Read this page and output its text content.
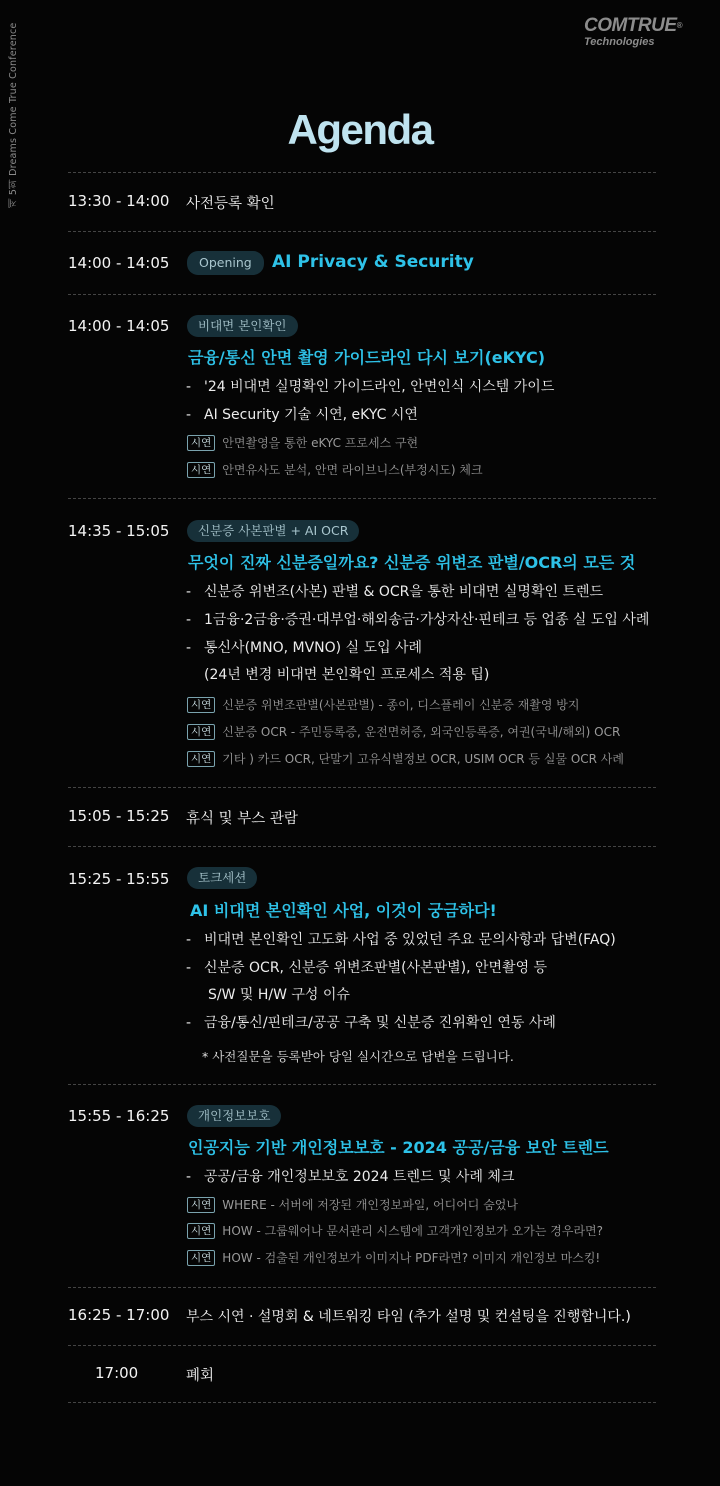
제 5회 Dreams Come True Conference	COMTRUE®
Technologies
Agenda
13:30 - 14:00 사전등록 확인
14:00 - 14:05	Opening	AI Privacy & Security
14:00 - 14:05	비대면 본인확인
금융/통신 안면 촬영 가이드라인 다시 보기(eKYC)
- '24 비대면 실명확인 가이드라인, 안면인식 시스템 가이드
- AI Security 기술 시연, eKYC 시연
시연 안면촬영을 통한 eKYC 프로세스 구현
시연 안면유사도 분석, 안면 라이브니스(부정시도) 체크
14:35 - 15:05	신분증 사본판별 + AI OCR
무엇이 진짜 신분증일까요? 신분증 위변조 판별/OCR의 모든 것
- 신분증 위변조(사본) 판별 & OCR을 통한 비대면 실명확인 트렌드
- 1금융·2금융·증권·대부업·해외송금·가상자산·핀테크 등 업종 실 도입 사례
- 통신사(MNO, MVNO) 실 도입 사례
(24년 변경 비대면 본인확인 프로세스 적용 팁)
시연 신분증 위변조판별(사본판별) - 종이, 디스플레이 신분증 재촬영 방지
시연 신분증 OCR - 주민등록증, 운전면허증, 외국인등록증, 여권(국내/해외) OCR
시연 기타 ) 카드 OCR, 단말기 고유식별정보 OCR, USIM OCR 등 실물 OCR 사례
15:05 - 15:25 휴식 및 부스 관람
15:25 - 15:55	토크세션
AI 비대면 본인확인 사업, 이것이 궁금하다!
- 비대면 본인확인 고도화 사업 중 있었던 주요 문의사항과 답변(FAQ)
- 신분증 OCR, 신분증 위변조판별(사본판별), 안면촬영 등
S/W 및 H/W 구성 이슈
- 금융/통신/핀테크/공공 구축 및 신분증 진위확인 연동 사례
* 사전질문을 등록받아 당일 실시간으로 답변을 드립니다.
15:55 - 16:25	개인정보보호
인공지능 기반 개인정보보호 - 2024 공공/금융 보안 트렌드
- 공공/금융 개인정보보호 2024 트렌드 및 사례 체크
시연 WHERE - 서버에 저장된 개인정보파일, 어디어디 숨었나
시연 HOW - 그룹웨어나 문서관리 시스템에 고객개인정보가 오가는 경우라면?
시연 HOW - 검출된 개인정보가 이미지나 PDF라면? 이미지 개인정보 마스킹!
16:25 - 17:00 부스 시연 · 설명회 & 네트워킹 타임 (추가 설명 및 컨설팅을 진행합니다.)
17:00	폐회
